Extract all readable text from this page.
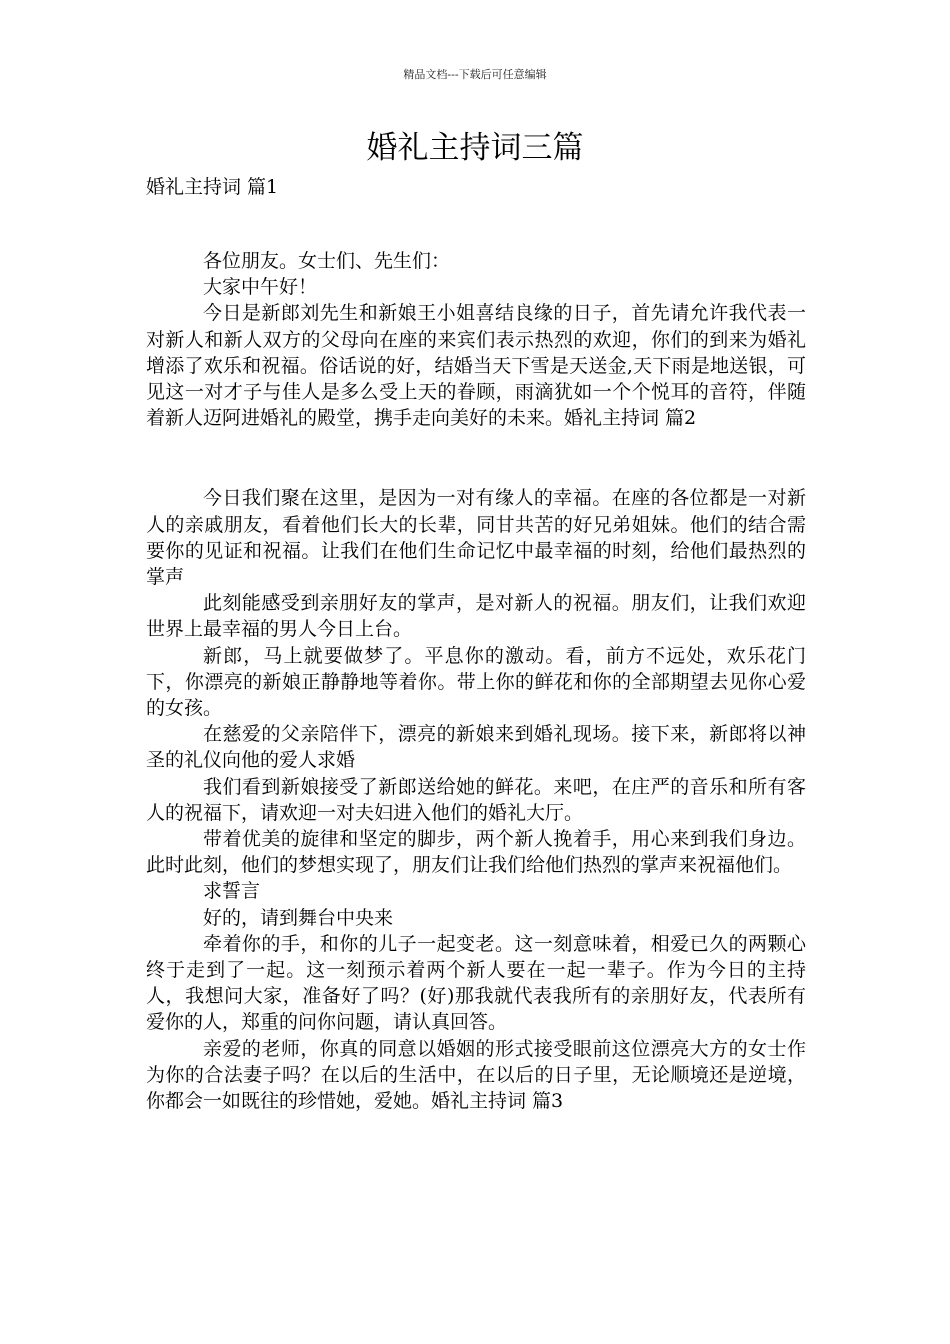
精品文档---下载后可任意编辑
婚礼主持词三篇
婚礼主持词 篇1

各位朋友。女士们、先生们：

大家中午好！

今日是新郎刘先生和新娘王小姐喜结良缘的日子，首先请允许我代表一对新人和新人双方的父母向在座的来宾们表示热烈的欢迎，你们的到来为婚礼增添了欢乐和祝福。俗话说的好，结婚当天下雪是天送金,天下雨是地送银，可见这一对才子与佳人是多么受上天的眷顾，雨滴犹如一个个悦耳的音符，伴随着新人迈阿进婚礼的殿堂，携手走向美好的未来。婚礼主持词 篇2

今日我们聚在这里，是因为一对有缘人的幸福。在座的各位都是一对新人的亲戚朋友，看着他们长大的长辈，同甘共苦的好兄弟姐妹。他们的结合需要你的见证和祝福。让我们在他们生命记忆中最幸福的时刻，给他们最热烈的掌声

此刻能感受到亲朋好友的掌声，是对新人的祝福。朋友们，让我们欢迎世界上最幸福的男人今日上台。

新郎，马上就要做梦了。平息你的激动。看，前方不远处，欢乐花门下，你漂亮的新娘正静静地等着你。带上你的鲜花和你的全部期望去见你心爱的女孩。

在慈爱的父亲陪伴下，漂亮的新娘来到婚礼现场。接下来，新郎将以神圣的礼仪向他的爱人求婚

我们看到新娘接受了新郎送给她的鲜花。来吧，在庄严的音乐和所有客人的祝福下，请欢迎一对夫妇进入他们的婚礼大厅。

带着优美的旋律和坚定的脚步，两个新人挽着手，用心来到我们身边。此时此刻，他们的梦想实现了，朋友们让我们给他们热烈的掌声来祝福他们。

求誓言

好的，请到舞台中央来

牵着你的手，和你的儿子一起变老。这一刻意味着，相爱已久的两颗心终于走到了一起。这一刻预示着两个新人要在一起一辈子。作为今日的主持人，我想问大家，准备好了吗？(好)那我就代表我所有的亲朋好友，代表所有爱你的人，郑重的问你问题，请认真回答。

亲爱的老师，你真的同意以婚姻的形式接受眼前这位漂亮大方的女士作为你的合法妻子吗？在以后的生活中，在以后的日子里，无论顺境还是逆境，你都会一如既往的珍惜她，爱她。婚礼主持词 篇3
